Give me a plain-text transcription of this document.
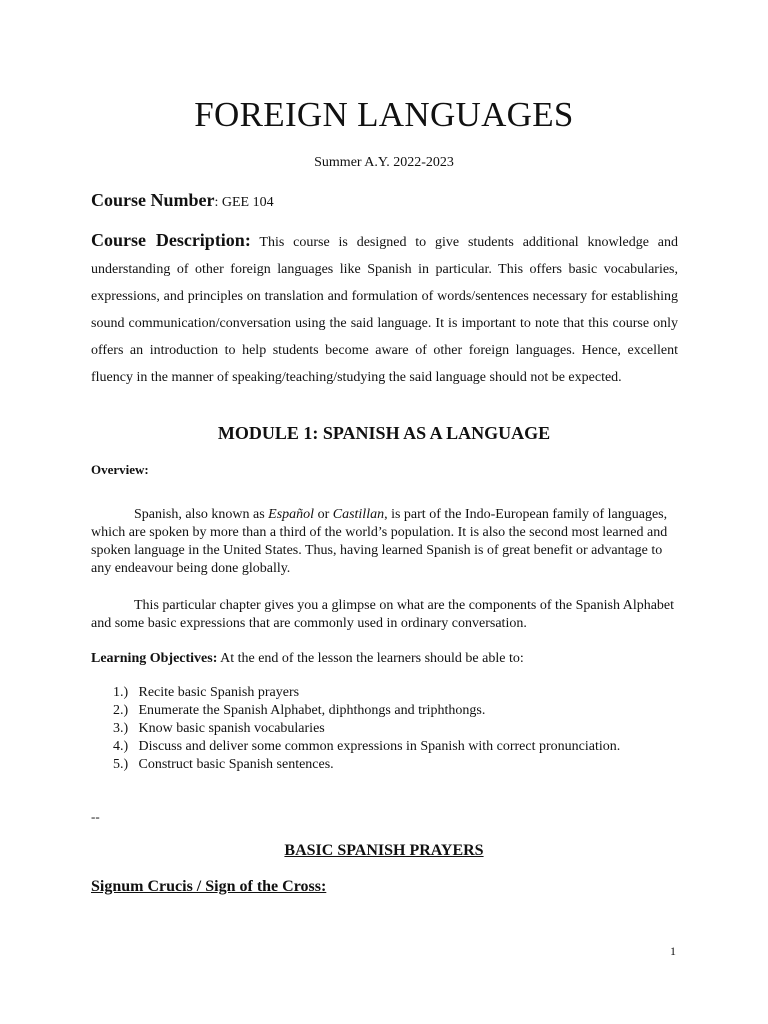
FOREIGN LANGUAGES
Summer A.Y. 2022-2023
Course Number: GEE 104
Course Description: This course is designed to give students additional knowledge and understanding of other foreign languages like Spanish in particular. This offers basic vocabularies, expressions, and principles on translation and formulation of words/sentences necessary for establishing sound communication/conversation using the said language. It is important to note that this course only offers an introduction to help students become aware of other foreign languages. Hence, excellent fluency in the manner of speaking/teaching/studying the said language should not be expected.
MODULE 1: SPANISH AS A LANGUAGE
Overview:
Spanish, also known as Español or Castillan, is part of the Indo-European family of languages, which are spoken by more than a third of the world’s population. It is also the second most learned and spoken language in the United States. Thus, having learned Spanish is of great benefit or advantage to any endeavour being done globally.
This particular chapter gives you a glimpse on what are the components of the Spanish Alphabet and some basic expressions that are commonly used in ordinary conversation.
Learning Objectives: At the end of the lesson the learners should be able to:
1.) Recite basic Spanish prayers
2.) Enumerate the Spanish Alphabet, diphthongs and triphthongs.
3.) Know basic spanish vocabularies
4.) Discuss and deliver some common expressions in Spanish with correct pronunciation.
5.) Construct basic Spanish sentences.
--
BASIC SPANISH PRAYERS
Signum Crucis / Sign of the Cross:
1
